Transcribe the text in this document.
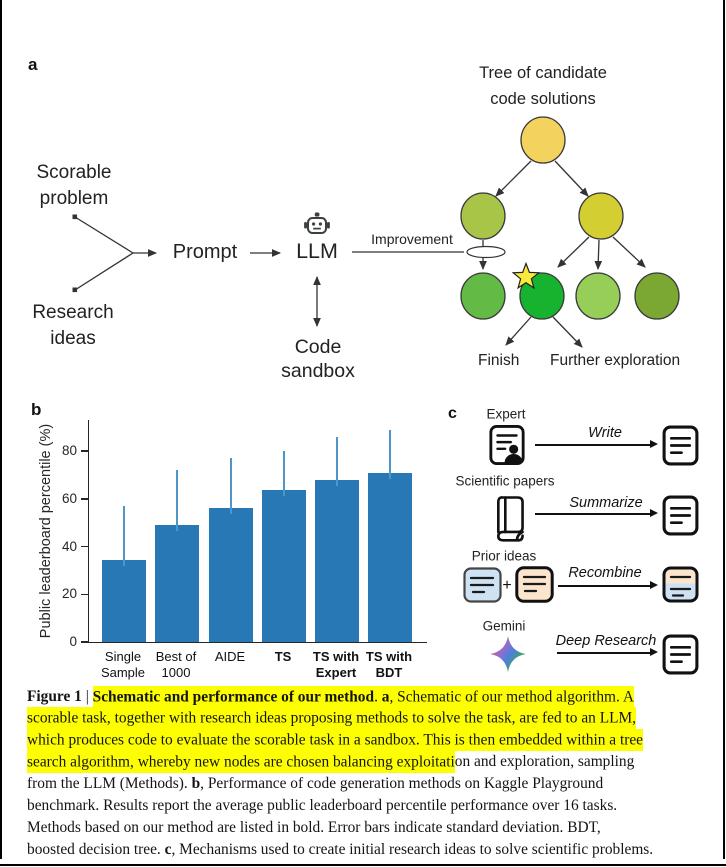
a	Tree of candidate
code solutions
Scorable problem
Research ideas
Prompt	LLM	Improvement
Code sandbox	Finish Further exploration
b
Public leaderboard percentile (%)
0
20
40
60
80
Single
Sample
Best of
1000
AIDE	TS	TS with
Expert
TS with
BDT
c Expert
Write
Scientific papers
Summarize
Prior ideas
+
Recombine
Gemini
Deep Research
Figure 1 | Schematic and performance of our method. a, Schematic of our method algorithm. A
scorable task, together with research ideas proposing methods to solve the task, are fed to an LLM,
which produces code to evaluate the scorable task in a sandbox. This is then embedded within a tree
search algorithm, whereby new nodes are chosen balancing exploitation and exploration, sampling
from the LLM (Methods). b, Performance of code generation methods on Kaggle Playground
benchmark. Results report the average public leaderboard percentile performance over 16 tasks.
Methods based on our method are listed in bold. Error bars indicate standard deviation. BDT,
boosted decision tree. c, Mechanisms used to create initial research ideas to solve scientific problems.
